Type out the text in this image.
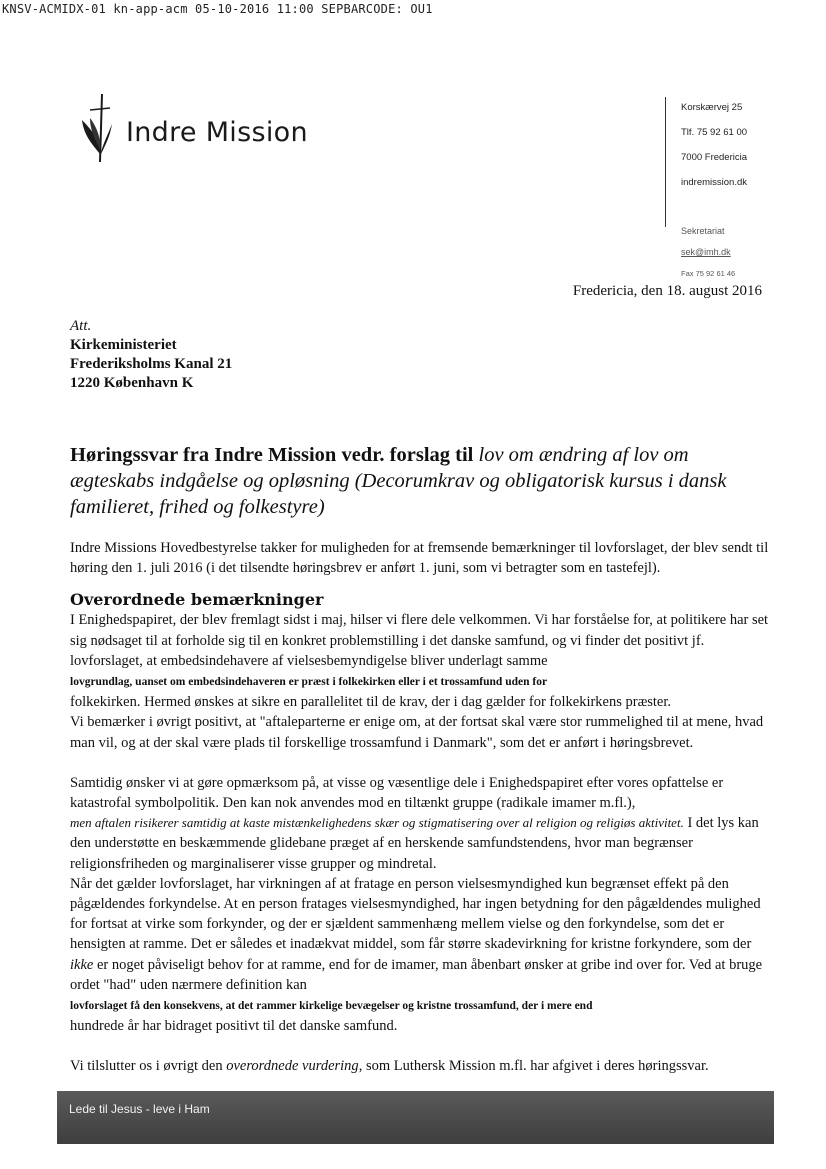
KNSV-ACMIDX-01 kn-app-acm 05-10-2016 11:00 SEPBARCODE: OU1
Indre Mission
Korskærvej 25
Tlf. 75 92 61 00
7000 Fredericia
indremission.dk
Sekretariat
sek@imh.dk
Fax 75 92 61 46
Fredericia, den 18. august 2016
Att.
Kirkeministeriet
Frederiksholms Kanal 21
1220 København K
Høringssvar fra Indre Mission vedr. forslag til lov om ændring af lov om ægteskabs indgåelse og opløsning (Decorumkrav og obligatorisk kursus i dansk familieret, frihed og folkestyre)

Indre Missions Hovedbestyrelse takker for muligheden for at fremsende bemærkninger til lovforslaget, der blev sendt til høring den 1. juli 2016 (i det tilsendte høringsbrev er anført 1. juni, som vi betragter som en tastefejl).

Overordnede bemærkninger

I Enighedspapiret, der blev fremlagt sidst i maj, hilser vi flere dele velkommen. Vi har forståelse for, at politikere har set sig nødsaget til at forholde sig til en konkret problemstilling i det danske samfund, og vi finder det positivt jf. lovforslaget, at embedsindehavere af vielsesbemyndigelse bliver underlagt samme
lovgrundlag, uanset om embedsindehaveren er præst i folkekirken eller i et trossamfund uden for
folkekirken. Hermed ønskes at sikre en parallelitet til de krav, der i dag gælder for folkekirkens præster.
Vi bemærker i øvrigt positivt, at "aftaleparterne er enige om, at der fortsat skal være stor rummelighed til at mene, hvad man vil, og at der skal være plads til forskellige trossamfund i Danmark", som det er anført i høringsbrevet.

Samtidig ønsker vi at gøre opmærksom på, at visse og væsentlige dele i Enighedspapiret efter vores opfattelse er katastrofal symbolpolitik. Den kan nok anvendes mod en tiltænkt gruppe (radikale imamer m.fl.),
men aftalen risikerer samtidig at kaste mistænkelighedens skær og stigmatisering over al religion og religiøs aktivitet. I det lys kan den understøtte en beskæmmende glidebane præget af en herskende samfundstendens, hvor man begrænser religionsfriheden og marginaliserer visse grupper og mindretal.
Når det gælder lovforslaget, har virkningen af at fratage en person vielsesmyndighed kun begrænset effekt på den pågældendes forkyndelse. At en person fratages vielsesmyndighed, har ingen betydning for den pågældendes mulighed for fortsat at virke som forkynder, og der er sjældent sammenhæng mellem vielse og den forkyndelse, som det er hensigten at ramme. Det er således et inadækvat middel, som får større skadevirkning for kristne forkyndere, som der ikke er noget påviseligt behov for at ramme, end for de imamer, man åbenbart ønsker at gribe ind over for. Ved at bruge ordet "had" uden nærmere definition kan
lovforslaget få den konsekvens, at det rammer kirkelige bevægelser og kristne trossamfund, der i mere end
hundrede år har bidraget positivt til det danske samfund.

Vi tilslutter os i øvrigt den overordnede vurdering, som Luthersk Mission m.fl. har afgivet i deres høringssvar.

Lede til Jesus - leve i Ham
